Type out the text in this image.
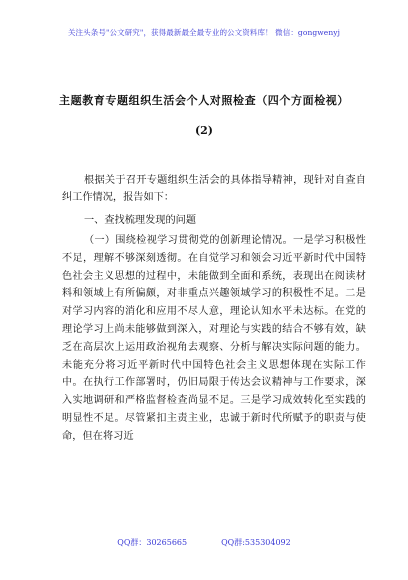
关注头条号"公文研究"，获得最新最全最专业的公文资料库！ 微信：gongwenyj
主题教育专题组织生活会个人对照检查（四个方面检视）
(2)

根据关于召开专题组织生活会的具体指导精神，现针对自查自纠工作情况，报告如下：

一、查找梳理发现的问题

（一）围绕检视学习贯彻党的创新理论情况。一是学习积极性不足，理解不够深刻透彻。在自觉学习和领会习近平新时代中国特色社会主义思想的过程中，未能做到全面和系统，表现出在阅读材料和领域上有所偏颇，对非重点兴趣领域学习的积极性不足。二是对学习内容的消化和应用不尽人意，理论认知水平未达标。在党的理论学习上尚未能够做到深入，对理论与实践的结合不够有效，缺乏在高层次上运用政治视角去观察、分析与解决实际问题的能力。未能充分将习近平新时代中国特色社会主义思想体现在实际工作中。在执行工作部署时，仍旧局限于传达会议精神与工作要求，深入实地调研和严格监督检查尚显不足。三是学习成效转化至实践的明显性不足。尽管紧扣主责主业，忠诚于新时代所赋予的职责与使命，但在将习近

QQ群：30265665	QQ群:535304092
